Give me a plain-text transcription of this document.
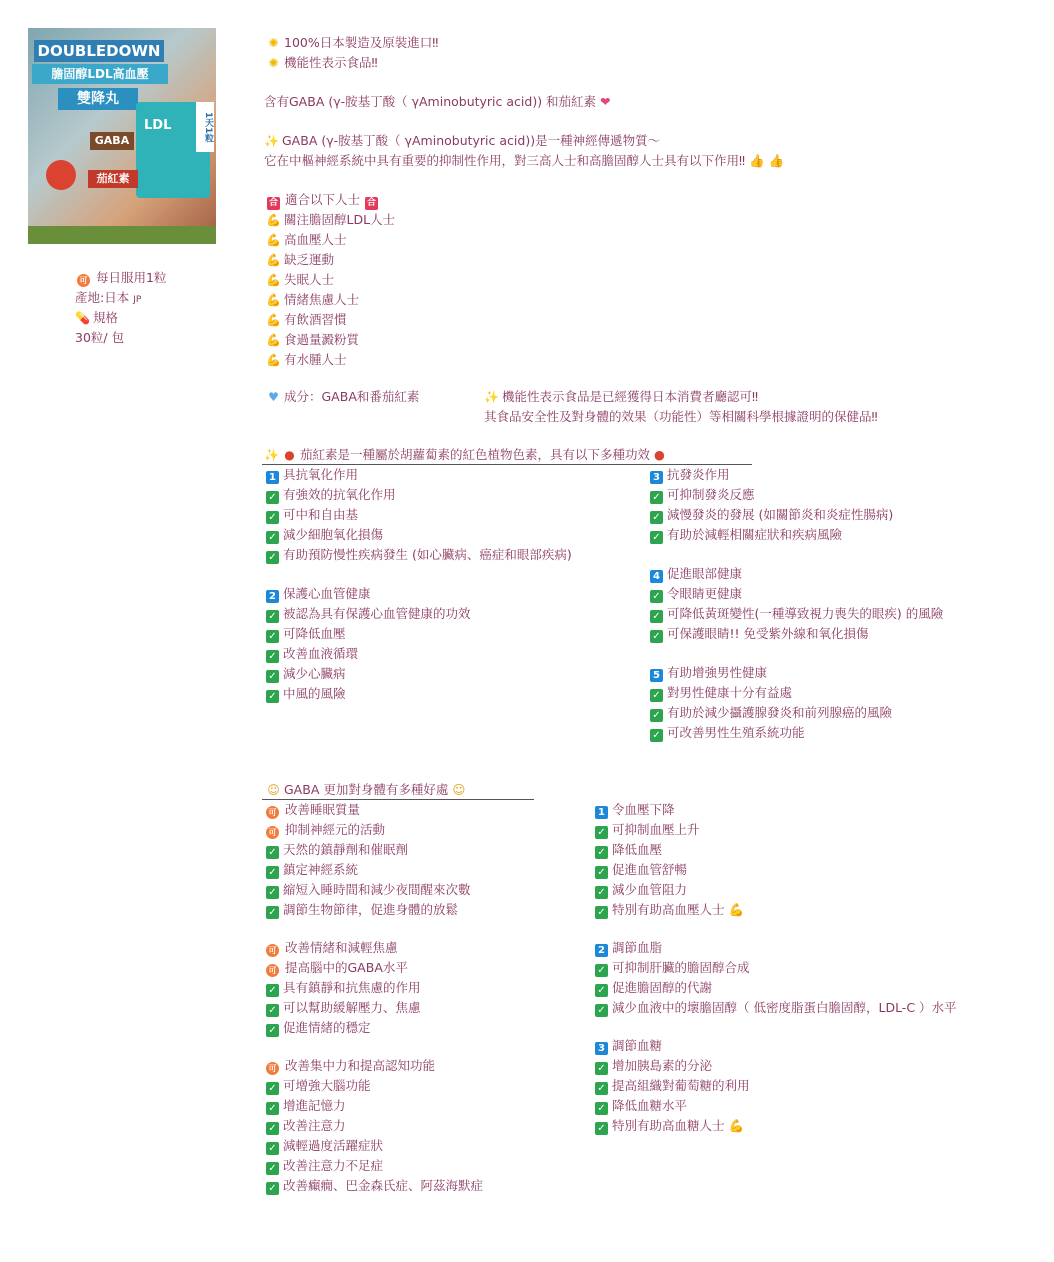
DOUBLEDOWN
膽固醇LDL高血壓
雙降丸
LDL
GABA
茄紅素
1天1粒
可 每日服用1粒
產地:日本 JP
💊 規格
30粒/ 包
✺ 100%日本製造及原裝進口‼
✺ 機能性表示食品‼
含有GABA (γ-胺基丁酸（ γAminobutyric acid)) 和茄紅素 ❤
✨ GABA (γ-胺基丁酸（ γAminobutyric acid))是一種神經傳遞物質～
它在中樞神經系統中具有重要的抑制性作用，對三高人士和高膽固醇人士具有以下作用‼ 👍 👍
合 適合以下人士 合
💪 關注膽固醇LDL人士
💪 高血壓人士
💪 缺乏運動
💪 失眠人士
💪 情緒焦慮人士
💪 有飲酒習慣
💪 食過量澱粉質
💪 有水腫人士
♥ 成分：GABA和番茄紅素	✨ 機能性表示食品是已經獲得日本消費者廳認可‼
其食品安全性及對身體的效果（功能性）等相關科學根據證明的保健品‼
✨ ● 茄紅素是一種屬於胡蘿蔔素的紅色植物色素，具有以下多種功效 ●
1 具抗氧化作用
✓ 有強效的抗氧化作用
✓ 可中和自由基
✓ 減少細胞氧化損傷
✓ 有助預防慢性疾病發生 (如心臟病、癌症和眼部疾病)
2 保護心血管健康
✓ 被認為具有保護心血管健康的功效
✓ 可降低血壓
✓ 改善血液循環
✓ 減少心臟病
✓ 中風的風險
3 抗發炎作用
✓ 可抑制發炎反應
✓ 減慢發炎的發展 (如關節炎和炎症性腸病)
✓ 有助於減輕相關症狀和疾病風險
4 促進眼部健康
✓ 令眼睛更健康
✓ 可降低黃斑變性(一種導致視力喪失的眼疾) 的風險
✓ 可保護眼睛!! 免受紫外線和氧化損傷
5 有助增強男性健康
✓ 對男性健康十分有益處
✓ 有助於減少攝護腺發炎和前列腺癌的風險
✓ 可改善男性生殖系統功能
☺ GABA 更加對身體有多種好處 ☺
可 改善睡眠質量
可 抑制神經元的活動
✓ 天然的鎮靜劑和催眠劑
✓ 鎮定神經系統
✓ 縮短入睡時間和減少夜間醒來次數
✓ 調節生物節律，促進身體的放鬆
可 改善情緒和減輕焦慮
可 提高腦中的GABA水平
✓ 具有鎮靜和抗焦慮的作用
✓ 可以幫助緩解壓力、焦慮
✓ 促進情緒的穩定
可 改善集中力和提高認知功能
✓ 可增強大腦功能
✓ 增進記憶力
✓ 改善注意力
✓ 減輕過度活躍症狀
✓ 改善注意力不足症
✓ 改善癲癇、巴金森氏症、阿茲海默症
1 令血壓下降
✓ 可抑制血壓上升
✓ 降低血壓
✓ 促進血管舒暢
✓ 減少血管阻力
✓ 特別有助高血壓人士 💪
2 調節血脂
✓ 可抑制肝臟的膽固醇合成
✓ 促進膽固醇的代謝
✓ 減少血液中的壞膽固醇（ 低密度脂蛋白膽固醇，LDL-C ）水平
3 調節血糖
✓ 增加胰島素的分泌
✓ 提高組織對葡萄糖的利用
✓ 降低血糖水平
✓ 特別有助高血糖人士 💪
